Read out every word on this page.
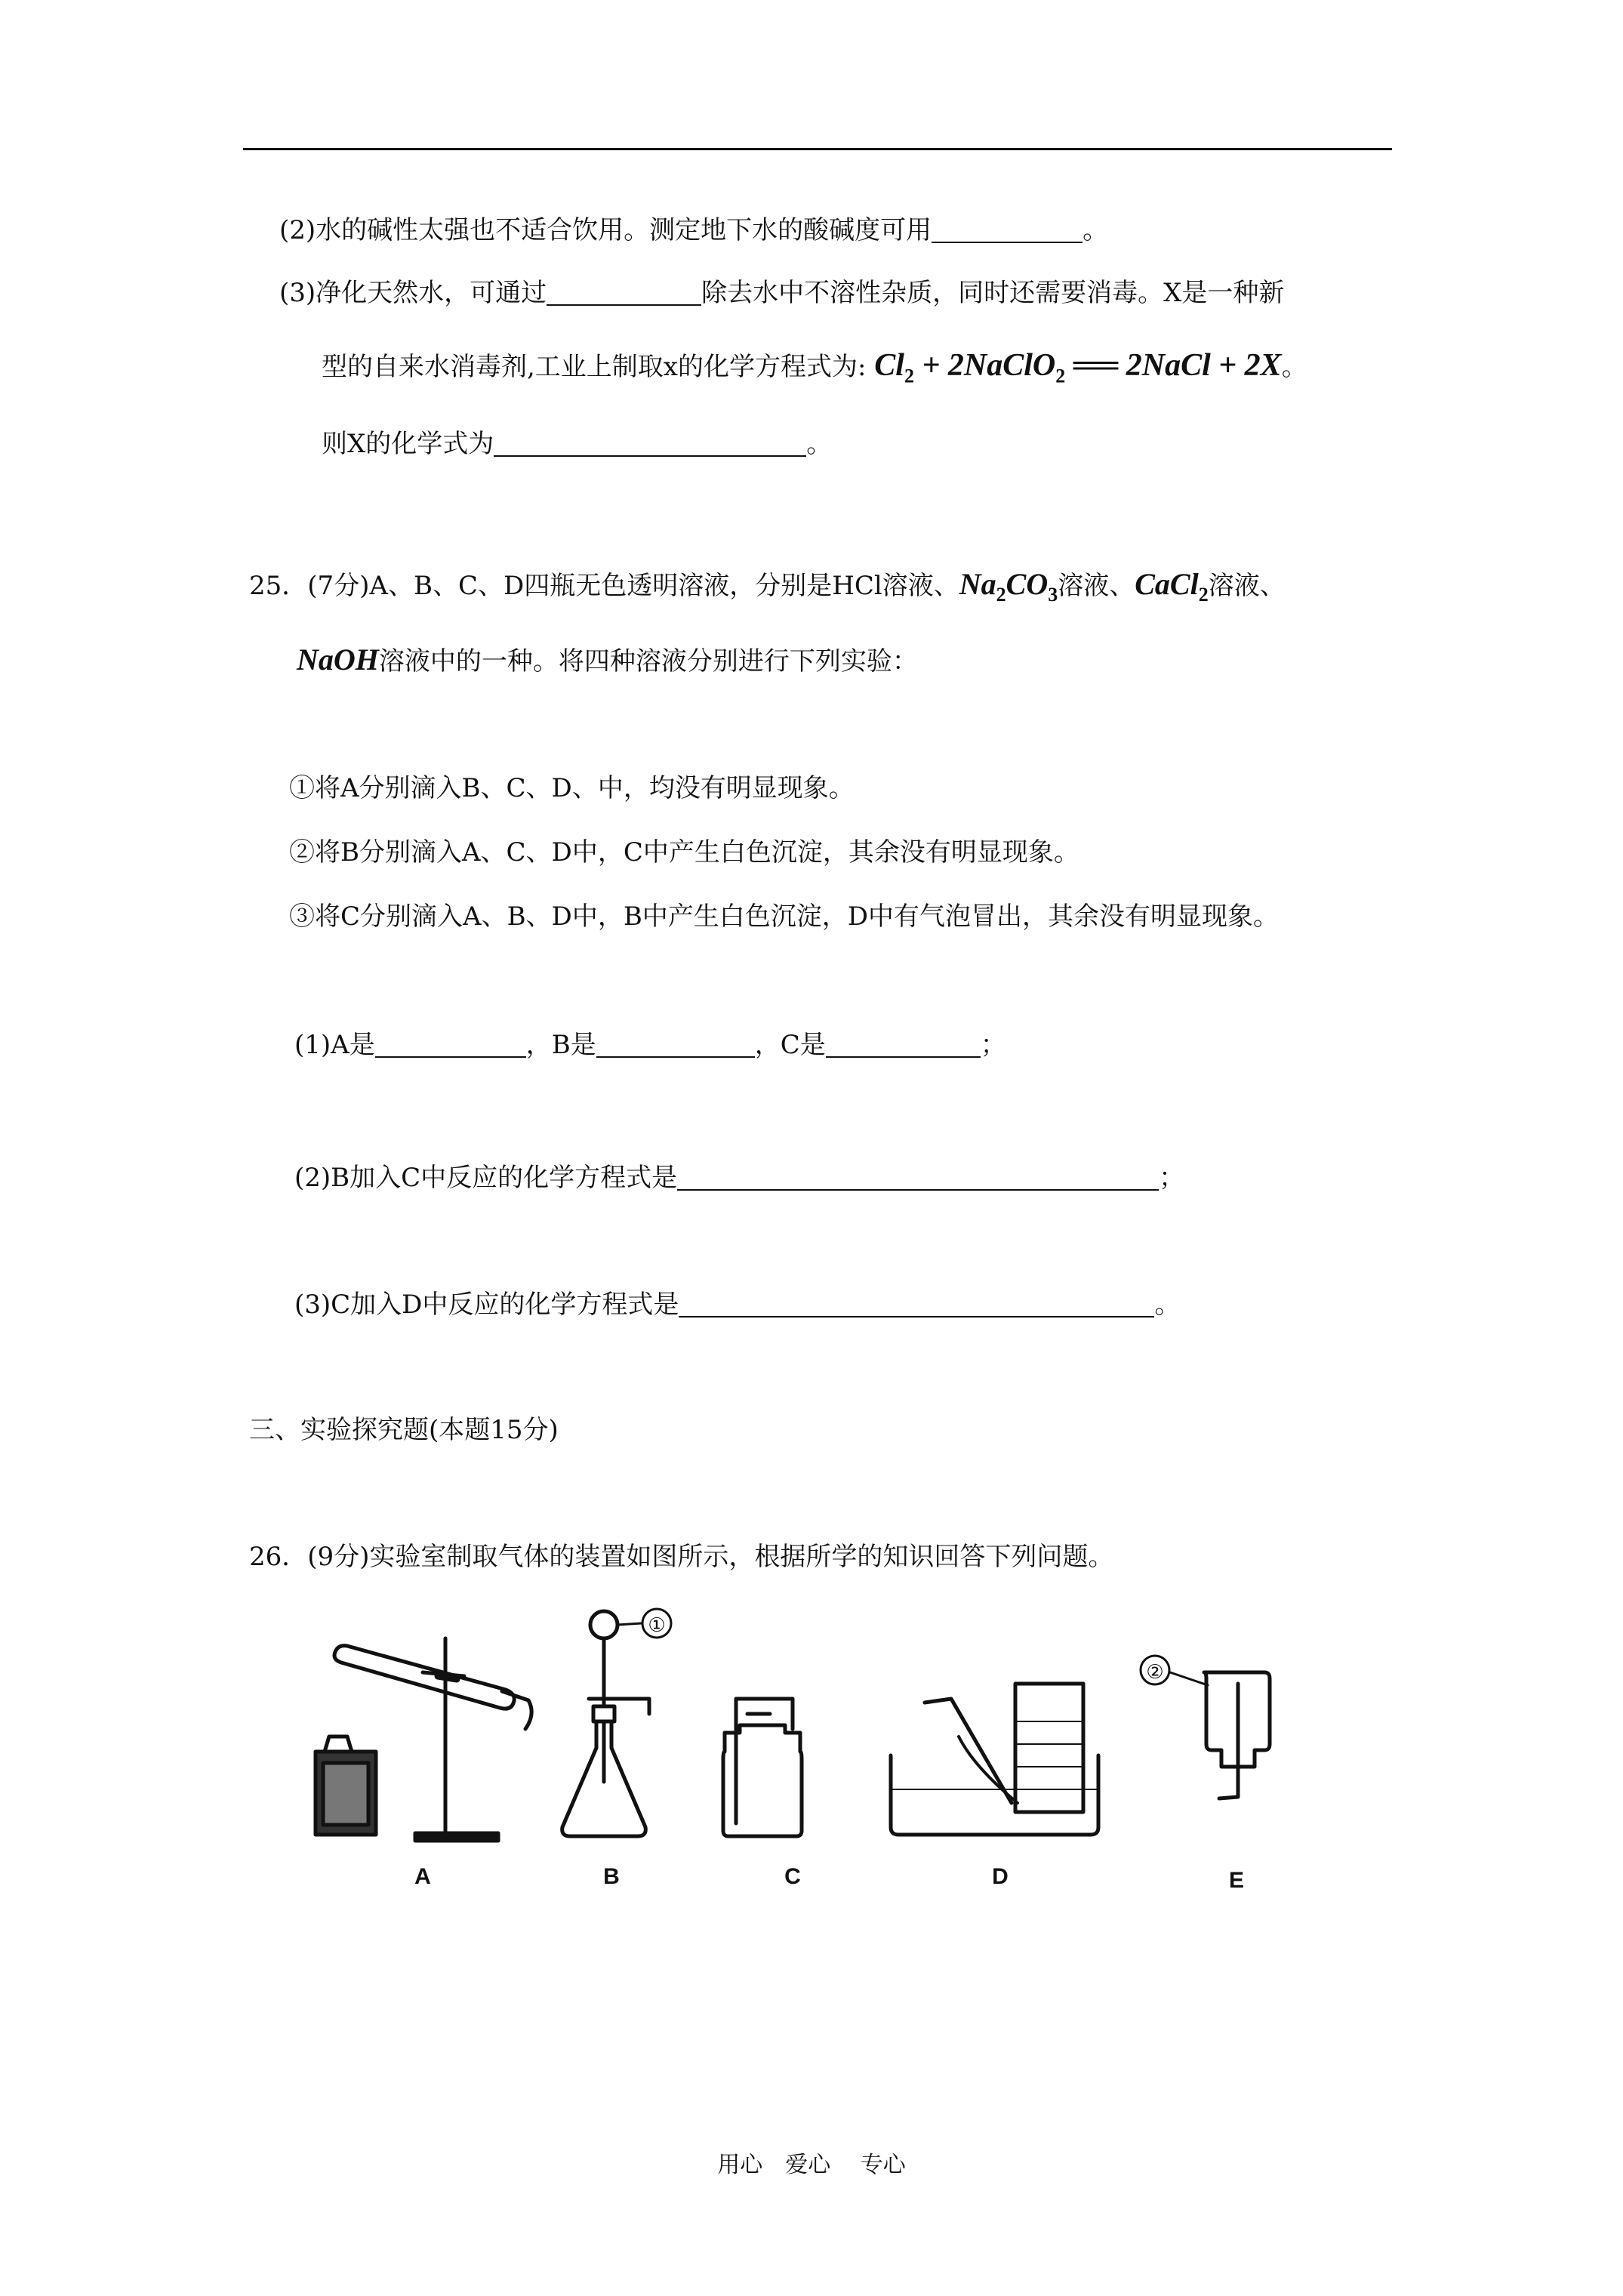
(2)水的碱性太强也不适合饮用。测定地下水的酸碱度可用	。
(3)净化天然水，可通过	除去水中不溶性杂质，同时还需要消毒。X是一种新
型的自来水消毒剂,工业上制取x的化学方程式为: $Cl_2$ + 2NaClO$_2$ ══ 2NaCl + 2X。
则X的化学式为	。
25．(7分)A、B、C、D四瓶无色透明溶液，分别是HCl溶液、$Na_2CO_3$溶液、CaCl$_2$溶液、
NaOH溶液中的一种。将四种溶液分别进行下列实验：
①将A分别滴入B、C、D、中，均没有明显现象。
②将B分别滴入A、C、D中，C中产生白色沉淀，其余没有明显现象。
③将C分别滴入A、B、D中，B中产生白色沉淀，D中有气泡冒出，其余没有明显现象。
(1)A是	，B是	，C是	；
(2)B加入C中反应的化学方程式是	；
(3)C加入D中反应的化学方程式是	。
三、实验探究题(本题15分)
26．(9分)实验室制取气体的装置如图所示，根据所学的知识回答下列问题。
①
②
A	B	C	D	E
用心　爱心　 专心
